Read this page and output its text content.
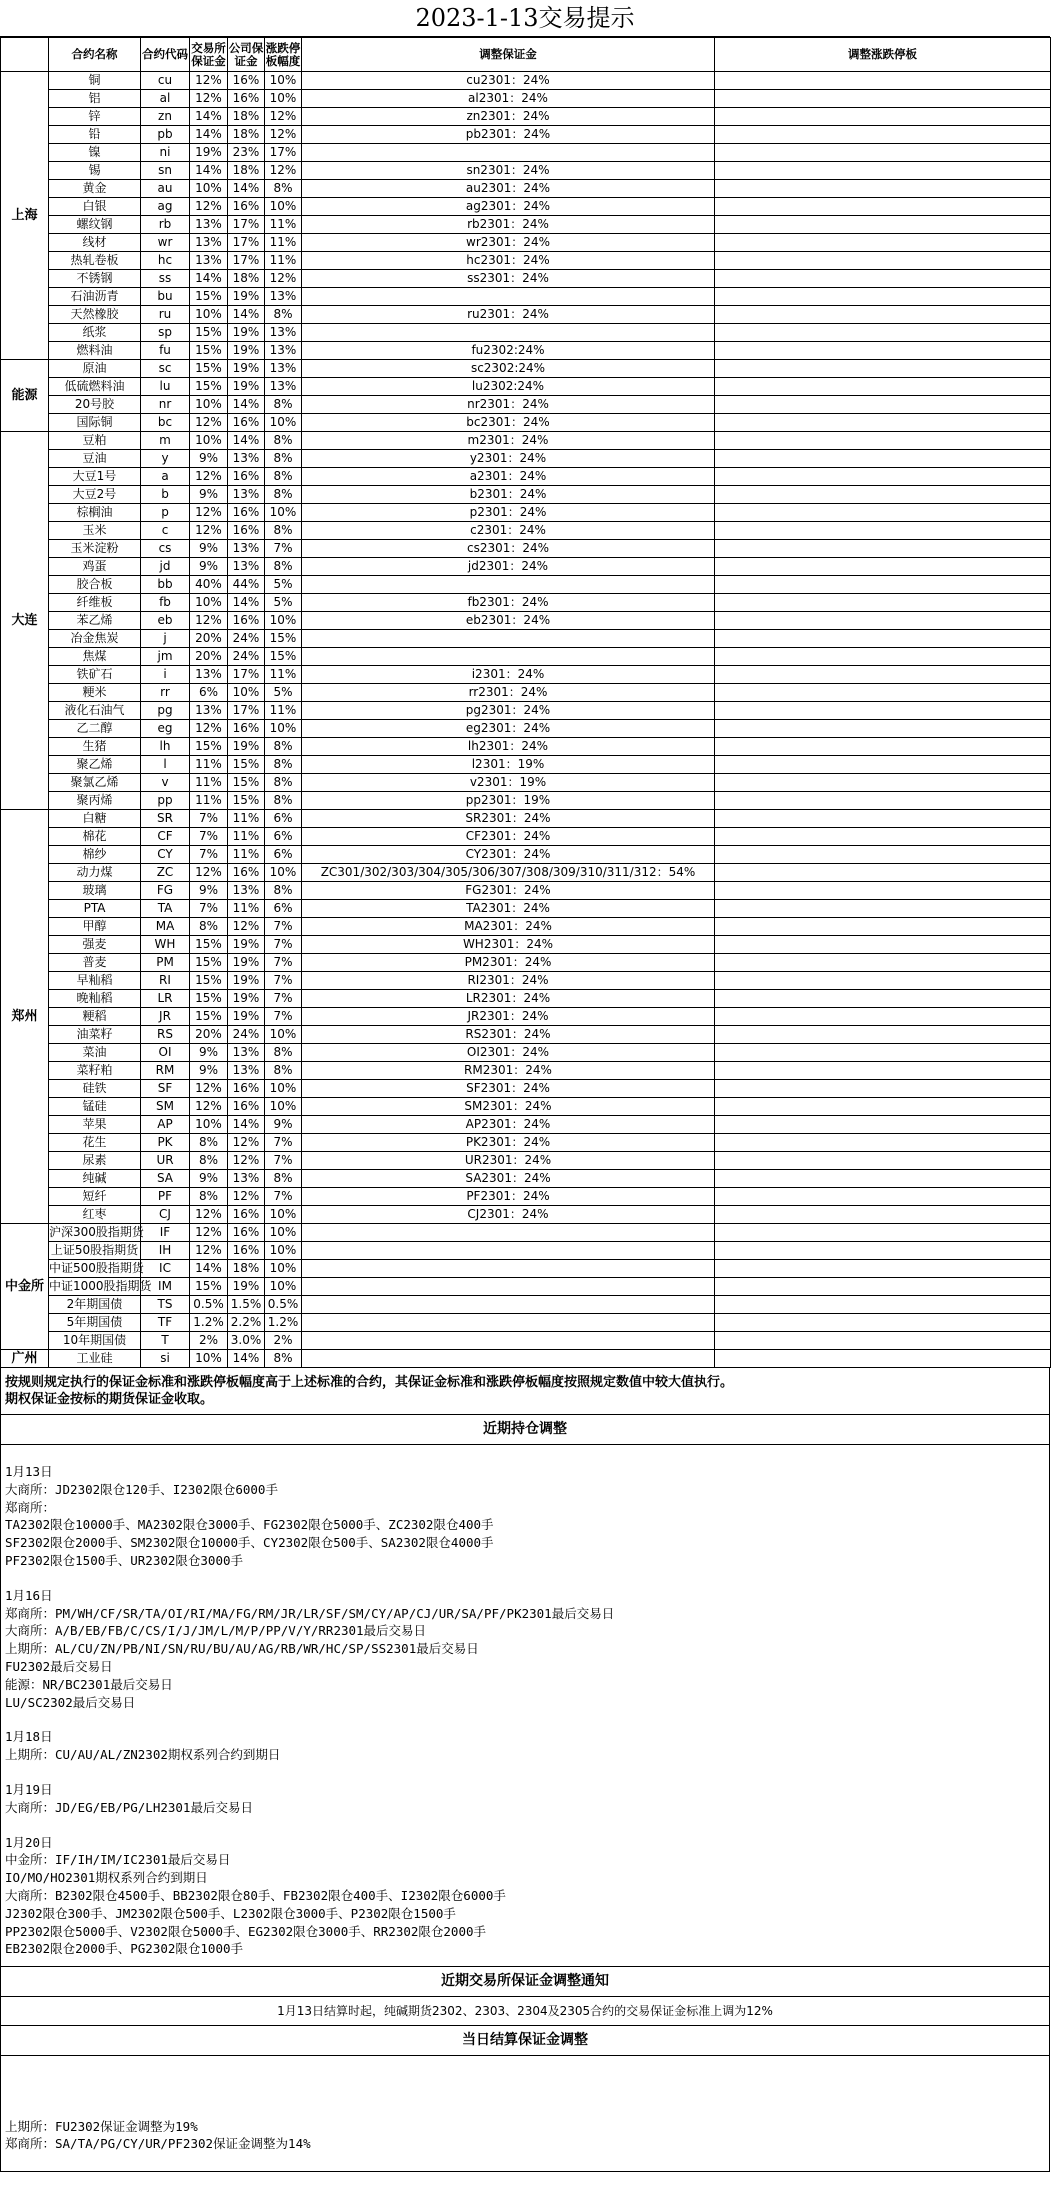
2023-1-13交易提示
	合约名称	合约代码	交易所保证金	公司保证金	涨跌停板幅度	调整保证金	调整涨跌停板
上海	铜	cu	12%	16%	10%	cu2301：24%	
	铝	al	12%	16%	10%	al2301：24%	
	锌	zn	14%	18%	12%	zn2301：24%	
	铅	pb	14%	18%	12%	pb2301：24%	
	镍	ni	19%	23%	17%		
	锡	sn	14%	18%	12%	sn2301：24%	
	黄金	au	10%	14%	8%	au2301：24%	
	白银	ag	12%	16%	10%	ag2301：24%	
	螺纹钢	rb	13%	17%	11%	rb2301：24%	
	线材	wr	13%	17%	11%	wr2301：24%	
	热轧卷板	hc	13%	17%	11%	hc2301：24%	
	不锈钢	ss	14%	18%	12%	ss2301：24%	
	石油沥青	bu	15%	19%	13%		
	天然橡胶	ru	10%	14%	8%	ru2301：24%	
	纸浆	sp	15%	19%	13%		
	燃料油	fu	15%	19%	13%	fu2302:24%	
能源	原油	sc	15%	19%	13%	sc2302:24%	
	低硫燃料油	lu	15%	19%	13%	lu2302:24%	
	20号胶	nr	10%	14%	8%	nr2301：24%	
	国际铜	bc	12%	16%	10%	bc2301：24%	
大连	豆粕	m	10%	14%	8%	m2301：24%	
	豆油	y	9%	13%	8%	y2301：24%	
	大豆1号	a	12%	16%	8%	a2301：24%	
	大豆2号	b	9%	13%	8%	b2301：24%	
	棕榈油	p	12%	16%	10%	p2301：24%	
	玉米	c	12%	16%	8%	c2301：24%	
	玉米淀粉	cs	9%	13%	7%	cs2301：24%	
	鸡蛋	jd	9%	13%	8%	jd2301：24%	
	胶合板	bb	40%	44%	5%		
	纤维板	fb	10%	14%	5%	fb2301：24%	
	苯乙烯	eb	12%	16%	10%	eb2301：24%	
	冶金焦炭	j	20%	24%	15%		
	焦煤	jm	20%	24%	15%		
	铁矿石	i	13%	17%	11%	i2301：24%	
	粳米	rr	6%	10%	5%	rr2301：24%	
	液化石油气	pg	13%	17%	11%	pg2301：24%	
	乙二醇	eg	12%	16%	10%	eg2301：24%	
	生猪	lh	15%	19%	8%	lh2301：24%	
	聚乙烯	l	11%	15%	8%	l2301：19%	
	聚氯乙烯	v	11%	15%	8%	v2301：19%	
	聚丙烯	pp	11%	15%	8%	pp2301：19%	
郑州	白糖	SR	7%	11%	6%	SR2301：24%	
	棉花	CF	7%	11%	6%	CF2301：24%	
	棉纱	CY	7%	11%	6%	CY2301：24%	
	动力煤	ZC	12%	16%	10%	ZC301/302/303/304/305/306/307/308/309/310/311/312：54%	
	玻璃	FG	9%	13%	8%	FG2301：24%	
	PTA	TA	7%	11%	6%	TA2301：24%	
	甲醇	MA	8%	12%	7%	MA2301：24%	
	强麦	WH	15%	19%	7%	WH2301：24%	
	普麦	PM	15%	19%	7%	PM2301：24%	
	早籼稻	RI	15%	19%	7%	RI2301：24%	
	晚籼稻	LR	15%	19%	7%	LR2301：24%	
	粳稻	JR	15%	19%	7%	JR2301：24%	
	油菜籽	RS	20%	24%	10%	RS2301：24%	
	菜油	OI	9%	13%	8%	OI2301：24%	
	菜籽粕	RM	9%	13%	8%	RM2301：24%	
	硅铁	SF	12%	16%	10%	SF2301：24%	
	锰硅	SM	12%	16%	10%	SM2301：24%	
	苹果	AP	10%	14%	9%	AP2301：24%	
	花生	PK	8%	12%	7%	PK2301：24%	
	尿素	UR	8%	12%	7%	UR2301：24%	
	纯碱	SA	9%	13%	8%	SA2301：24%	
	短纤	PF	8%	12%	7%	PF2301：24%	
	红枣	CJ	12%	16%	10%	CJ2301：24%	
中金所	沪深300股指期货	IF	12%	16%	10%		
	上证50股指期货	IH	12%	16%	10%		
	中证500股指期货	IC	14%	18%	10%		
	中证1000股指期货	IM	15%	19%	10%		
	2年期国债	TS	0.5%	1.5%	0.5%		
	5年期国债	TF	1.2%	2.2%	1.2%		
	10年期国债	T	2%	3.0%	2%		
广州	工业硅	si	10%	14%	8%		
按规则规定执行的保证金标准和涨跌停板幅度高于上述标准的合约，其保证金标准和涨跌停板幅度按照规定数值中较大值执行。
期权保证金按标的期货保证金收取。
近期持仓调整
1月13日
大商所：JD2302限仓120手、I2302限仓6000手
郑商所：
TA2302限仓10000手、MA2302限仓3000手、FG2302限仓5000手、ZC2302限仓400手
SF2302限仓2000手、SM2302限仓10000手、CY2302限仓500手、SA2302限仓4000手
PF2302限仓1500手、UR2302限仓3000手
1月16日
郑商所：PM/WH/CF/SR/TA/OI/RI/MA/FG/RM/JR/LR/SF/SM/CY/AP/CJ/UR/SA/PF/PK2301最后交易日
大商所：A/B/EB/FB/C/CS/I/J/JM/L/M/P/PP/V/Y/RR2301最后交易日
上期所：AL/CU/ZN/PB/NI/SN/RU/BU/AU/AG/RB/WR/HC/SP/SS2301最后交易日
FU2302最后交易日
能源：NR/BC2301最后交易日
LU/SC2302最后交易日
1月18日
上期所：CU/AU/AL/ZN2302期权系列合约到期日
1月19日
大商所：JD/EG/EB/PG/LH2301最后交易日
1月20日
中金所：IF/IH/IM/IC2301最后交易日
IO/MO/HO2301期权系列合约到期日
大商所：B2302限仓4500手、BB2302限仓80手、FB2302限仓400手、I2302限仓6000手
J2302限仓300手、JM2302限仓500手、L2302限仓3000手、P2302限仓1500手
PP2302限仓5000手、V2302限仓5000手、EG2302限仓3000手、RR2302限仓2000手
EB2302限仓2000手、PG2302限仓1000手
近期交易所保证金调整通知
1月13日结算时起，纯碱期货2302、2303、2304及2305合约的交易保证金标准上调为12%
当日结算保证金调整
上期所：FU2302保证金调整为19%
郑商所：SA/TA/PG/CY/UR/PF2302保证金调整为14%
